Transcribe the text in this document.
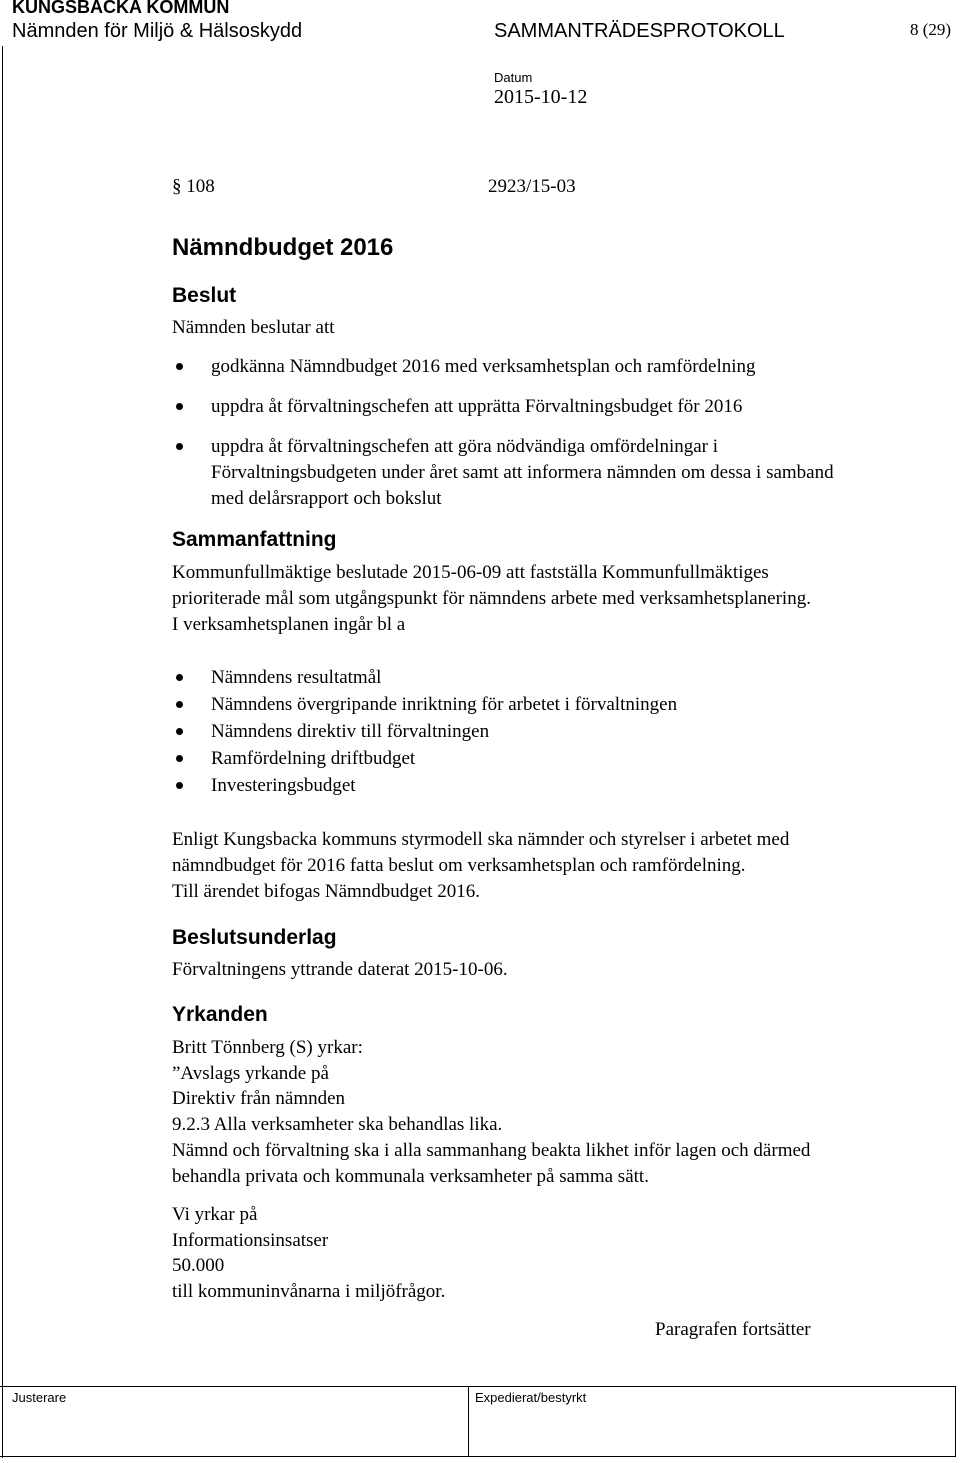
KUNGSBACKA KOMMUN
Nämnden för Miljö & Hälsoskydd	SAMMANTRÄDESPROTOKOLL	8 (29)
Datum
2015-10-12
§ 108	2923/15-03
Nämndbudget 2016
Beslut
Nämnden beslutar att
godkänna Nämndbudget 2016 med verksamhetsplan och ramfördelning
uppdra åt förvaltningschefen att upprätta Förvaltningsbudget för 2016
uppdra åt förvaltningschefen att göra nödvändiga omfördelningar i Förvaltningsbudgeten under året samt att informera nämnden om dessa i samband med delårsrapport och bokslut
Sammanfattning
Kommunfullmäktige beslutade 2015-06-09 att fastställa Kommunfullmäktiges
prioriterade mål som utgångspunkt för nämndens arbete med verksamhetsplanering.
I verksamhetsplanen ingår bl a
Nämndens resultatmål
Nämndens övergripande inriktning för arbetet i förvaltningen
Nämndens direktiv till förvaltningen
Ramfördelning driftbudget
Investeringsbudget
Enligt Kungsbacka kommuns styrmodell ska nämnder och styrelser i arbetet med
nämndbudget för 2016 fatta beslut om verksamhetsplan och ramfördelning.
Till ärendet bifogas Nämndbudget 2016.
Beslutsunderlag
Förvaltningens yttrande daterat 2015-10-06.
Yrkanden
Britt Tönnberg (S) yrkar:
”Avslags yrkande på
Direktiv från nämnden
9.2.3 Alla verksamheter ska behandlas lika.
Nämnd och förvaltning ska i alla sammanhang beakta likhet inför lagen och därmed
behandla privata och kommunala verksamheter på samma sätt.
Vi yrkar på
Informationsinsatser
50.000
till kommuninvånarna i miljöfrågor.
Paragrafen fortsätter
Justerare	Expedierat/bestyrkt
